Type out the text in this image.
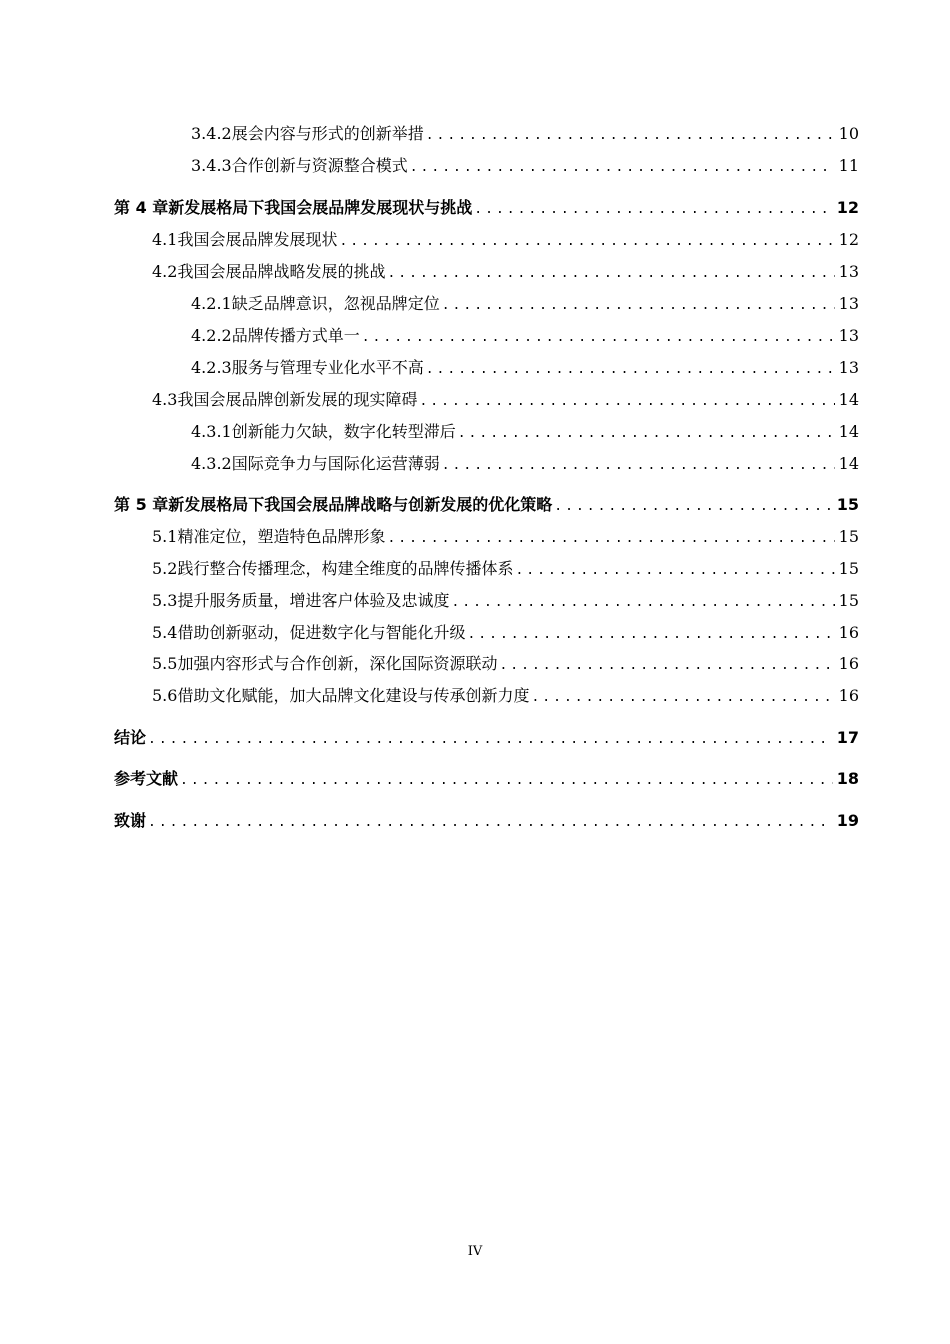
3.4.2 展会内容与形式的创新举措 .....	10
3.4.3 合作创新与资源整合模式 .....	11
第 4 章 新发展格局下我国会展品牌发展现状与挑战 .....	12
4.1 我国会展品牌发展现状 .....	12
4.2 我国会展品牌战略发展的挑战 .....	13
4.2.1 缺乏品牌意识，忽视品牌定位 .....	13
4.2.2 品牌传播方式单一 .....	13
4.2.3 服务与管理专业化水平不高 .....	13
4.3 我国会展品牌创新发展的现实障碍 .....	14
4.3.1 创新能力欠缺，数字化转型滞后 .....	14
4.3.2 国际竞争力与国际化运营薄弱 .....	14
第 5 章 新发展格局下我国会展品牌战略与创新发展的优化策略 .....	15
5.1 精准定位，塑造特色品牌形象 .....	15
5.2 践行整合传播理念，构建全维度的品牌传播体系 .....	15
5.3 提升服务质量，增进客户体验及忠诚度 .....	15
5.4 借助创新驱动，促进数字化与智能化升级 .....	16
5.5 加强内容形式与合作创新，深化国际资源联动 .....	16
5.6 借助文化赋能，加大品牌文化建设与传承创新力度 .....	16
结论 .....	17
参考文献 .....	18
致谢 .....	19
IV
